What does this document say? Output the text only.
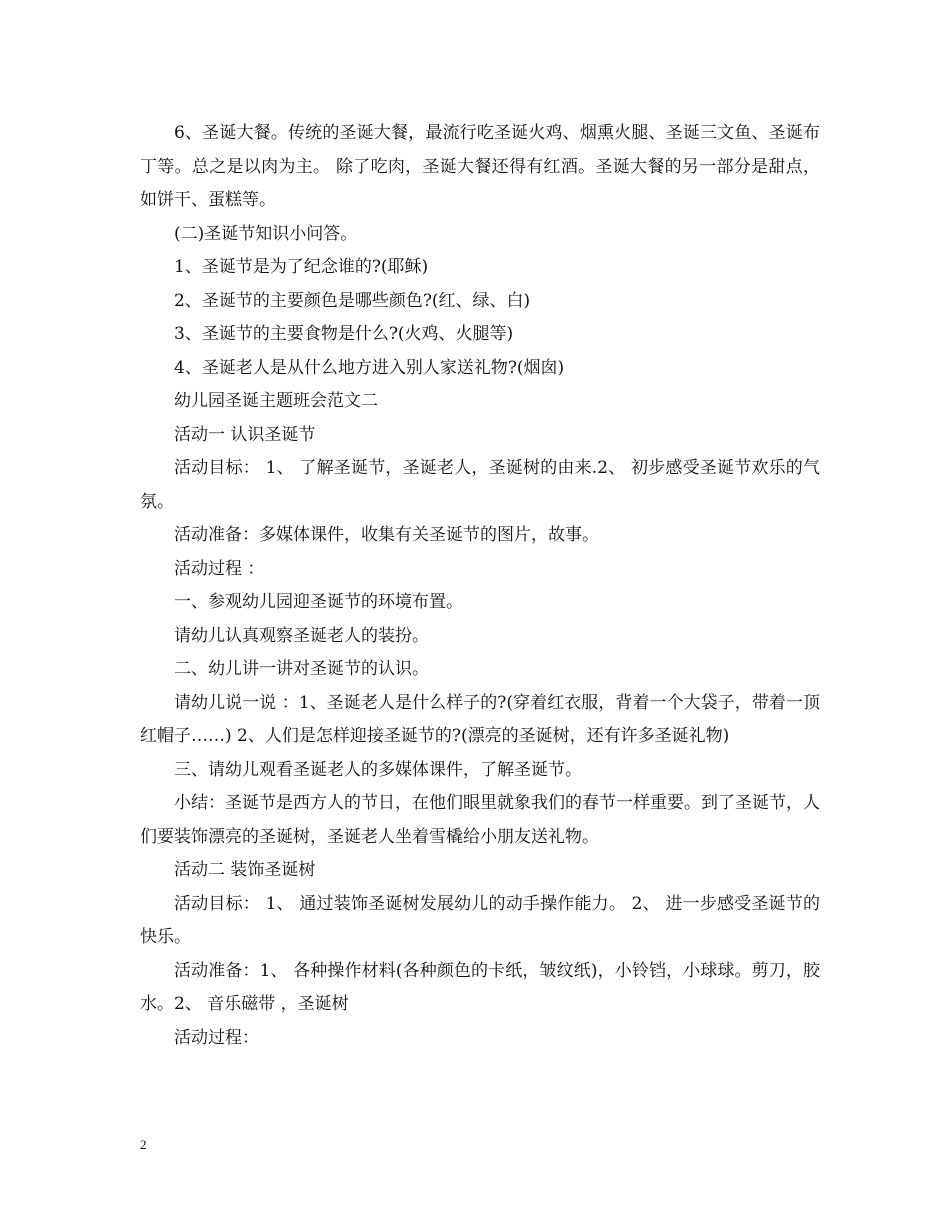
6、圣诞大餐。传统的圣诞大餐，最流行吃圣诞火鸡、烟熏火腿、圣诞三文鱼、圣诞布丁等。总之是以肉为主。 除了吃肉，圣诞大餐还得有红酒。圣诞大餐的另一部分是甜点，如饼干、蛋糕等。

(二)圣诞节知识小问答。

1、圣诞节是为了纪念谁的?(耶稣)

2、圣诞节的主要颜色是哪些颜色?(红、绿、白)

3、圣诞节的主要食物是什么?(火鸡、火腿等)

4、圣诞老人是从什么地方进入别人家送礼物?(烟囱)

幼儿园圣诞主题班会范文二

活动一 认识圣诞节

活动目标： 1、 了解圣诞节，圣诞老人，圣诞树的由来.2、 初步感受圣诞节欢乐的气氛。

活动准备：多媒体课件，收集有关圣诞节的图片，故事。

活动过程 ：

一、参观幼儿园迎圣诞节的环境布置。

请幼儿认真观察圣诞老人的装扮。

二、幼儿讲一讲对圣诞节的认识。

请幼儿说一说 ：1、圣诞老人是什么样子的?(穿着红衣服，背着一个大袋子，带着一顶红帽子……) 2、人们是怎样迎接圣诞节的?(漂亮的圣诞树，还有许多圣诞礼物)

三、请幼儿观看圣诞老人的多媒体课件，了解圣诞节。

小结：圣诞节是西方人的节日，在他们眼里就象我们的春节一样重要。到了圣诞节，人们要装饰漂亮的圣诞树，圣诞老人坐着雪橇给小朋友送礼物。

活动二 装饰圣诞树

活动目标： 1、 通过装饰圣诞树发展幼儿的动手操作能力。 2、 进一步感受圣诞节的快乐。

活动准备：1、 各种操作材料(各种颜色的卡纸，皱纹纸)，小铃铛，小球球。剪刀，胶水。2、 音乐磁带 ，圣诞树

活动过程：

2
